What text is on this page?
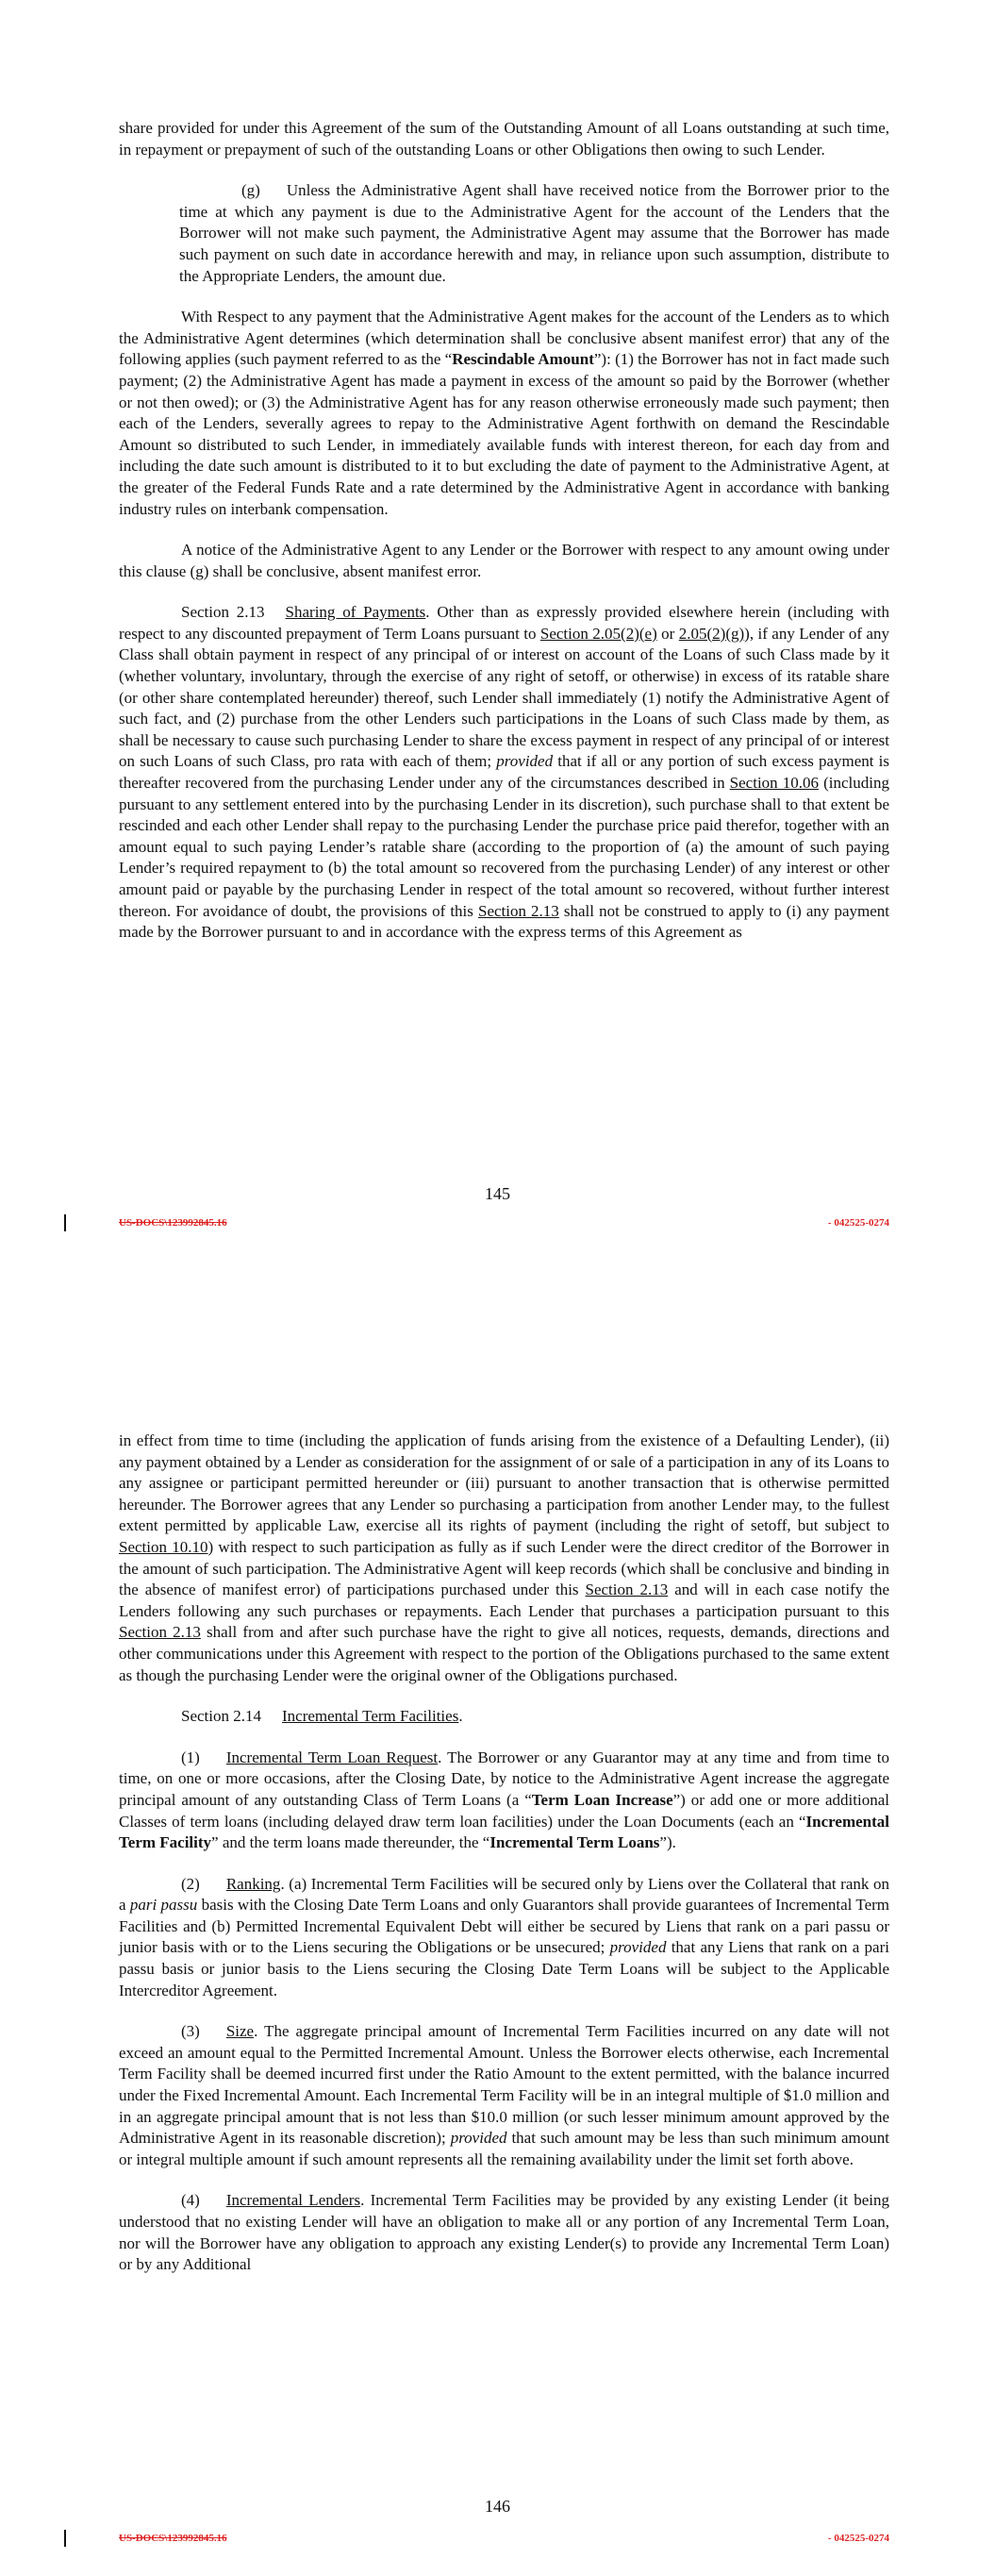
share provided for under this Agreement of the sum of the Outstanding Amount of all Loans outstanding at such time, in repayment or prepayment of such of the outstanding Loans or other Obligations then owing to such Lender.

(g) Unless the Administrative Agent shall have received notice from the Borrower prior to the time at which any payment is due to the Administrative Agent for the account of the Lenders that the Borrower will not make such payment, the Administrative Agent may assume that the Borrower has made such payment on such date in accordance herewith and may, in reliance upon such assumption, distribute to the Appropriate Lenders, the amount due.

With Respect to any payment that the Administrative Agent makes for the account of the Lenders as to which the Administrative Agent determines (which determination shall be conclusive absent manifest error) that any of the following applies (such payment referred to as the “Rescindable Amount”): (1) the Borrower has not in fact made such payment; (2) the Administrative Agent has made a payment in excess of the amount so paid by the Borrower (whether or not then owed); or (3) the Administrative Agent has for any reason otherwise erroneously made such payment; then each of the Lenders, severally agrees to repay to the Administrative Agent forthwith on demand the Rescindable Amount so distributed to such Lender, in immediately available funds with interest thereon, for each day from and including the date such amount is distributed to it to but excluding the date of payment to the Administrative Agent, at the greater of the Federal Funds Rate and a rate determined by the Administrative Agent in accordance with banking industry rules on interbank compensation.

A notice of the Administrative Agent to any Lender or the Borrower with respect to any amount owing under this clause (g) shall be conclusive, absent manifest error.

Section 2.13 Sharing of Payments. Other than as expressly provided elsewhere herein (including with respect to any discounted prepayment of Term Loans pursuant to Section 2.05(2)(e) or 2.05(2)(g)), if any Lender of any Class shall obtain payment in respect of any principal of or interest on account of the Loans of such Class made by it (whether voluntary, involuntary, through the exercise of any right of setoff, or otherwise) in excess of its ratable share (or other share contemplated hereunder) thereof, such Lender shall immediately (1) notify the Administrative Agent of such fact, and (2) purchase from the other Lenders such participations in the Loans of such Class made by them, as shall be necessary to cause such purchasing Lender to share the excess payment in respect of any principal of or interest on such Loans of such Class, pro rata with each of them; provided that if all or any portion of such excess payment is thereafter recovered from the purchasing Lender under any of the circumstances described in Section 10.06 (including pursuant to any settlement entered into by the purchasing Lender in its discretion), such purchase shall to that extent be rescinded and each other Lender shall repay to the purchasing Lender the purchase price paid therefor, together with an amount equal to such paying Lender’s ratable share (according to the proportion of (a) the amount of such paying Lender’s required repayment to (b) the total amount so recovered from the purchasing Lender) of any interest or other amount paid or payable by the purchasing Lender in respect of the total amount so recovered, without further interest thereon. For avoidance of doubt, the provisions of this Section 2.13 shall not be construed to apply to (i) any payment made by the Borrower pursuant to and in accordance with the express terms of this Agreement as

145
US-DOCS\123992845.16	- 042525-0274

in effect from time to time (including the application of funds arising from the existence of a Defaulting Lender), (ii) any payment obtained by a Lender as consideration for the assignment of or sale of a participation in any of its Loans to any assignee or participant permitted hereunder or (iii) pursuant to another transaction that is otherwise permitted hereunder. The Borrower agrees that any Lender so purchasing a participation from another Lender may, to the fullest extent permitted by applicable Law, exercise all its rights of payment (including the right of setoff, but subject to Section 10.10) with respect to such participation as fully as if such Lender were the direct creditor of the Borrower in the amount of such participation. The Administrative Agent will keep records (which shall be conclusive and binding in the absence of manifest error) of participations purchased under this Section 2.13 and will in each case notify the Lenders following any such purchases or repayments. Each Lender that purchases a participation pursuant to this Section 2.13 shall from and after such purchase have the right to give all notices, requests, demands, directions and other communications under this Agreement with respect to the portion of the Obligations purchased to the same extent as though the purchasing Lender were the original owner of the Obligations purchased.

Section 2.14 Incremental Term Facilities.

(1) Incremental Term Loan Request. The Borrower or any Guarantor may at any time and from time to time, on one or more occasions, after the Closing Date, by notice to the Administrative Agent increase the aggregate principal amount of any outstanding Class of Term Loans (a “Term Loan Increase”) or add one or more additional Classes of term loans (including delayed draw term loan facilities) under the Loan Documents (each an “Incremental Term Facility” and the term loans made thereunder, the “Incremental Term Loans”).

(2) Ranking. (a) Incremental Term Facilities will be secured only by Liens over the Collateral that rank on a pari passu basis with the Closing Date Term Loans and only Guarantors shall provide guarantees of Incremental Term Facilities and (b) Permitted Incremental Equivalent Debt will either be secured by Liens that rank on a pari passu or junior basis with or to the Liens securing the Obligations or be unsecured; provided that any Liens that rank on a pari passu basis or junior basis to the Liens securing the Closing Date Term Loans will be subject to the Applicable Intercreditor Agreement.

(3) Size. The aggregate principal amount of Incremental Term Facilities incurred on any date will not exceed an amount equal to the Permitted Incremental Amount. Unless the Borrower elects otherwise, each Incremental Term Facility shall be deemed incurred first under the Ratio Amount to the extent permitted, with the balance incurred under the Fixed Incremental Amount. Each Incremental Term Facility will be in an integral multiple of $1.0 million and in an aggregate principal amount that is not less than $10.0 million (or such lesser minimum amount approved by the Administrative Agent in its reasonable discretion); provided that such amount may be less than such minimum amount or integral multiple amount if such amount represents all the remaining availability under the limit set forth above.

(4) Incremental Lenders. Incremental Term Facilities may be provided by any existing Lender (it being understood that no existing Lender will have an obligation to make all or any portion of any Incremental Term Loan, nor will the Borrower have any obligation to approach any existing Lender(s) to provide any Incremental Term Loan) or by any Additional

146
US-DOCS\123992845.16	- 042525-0274
